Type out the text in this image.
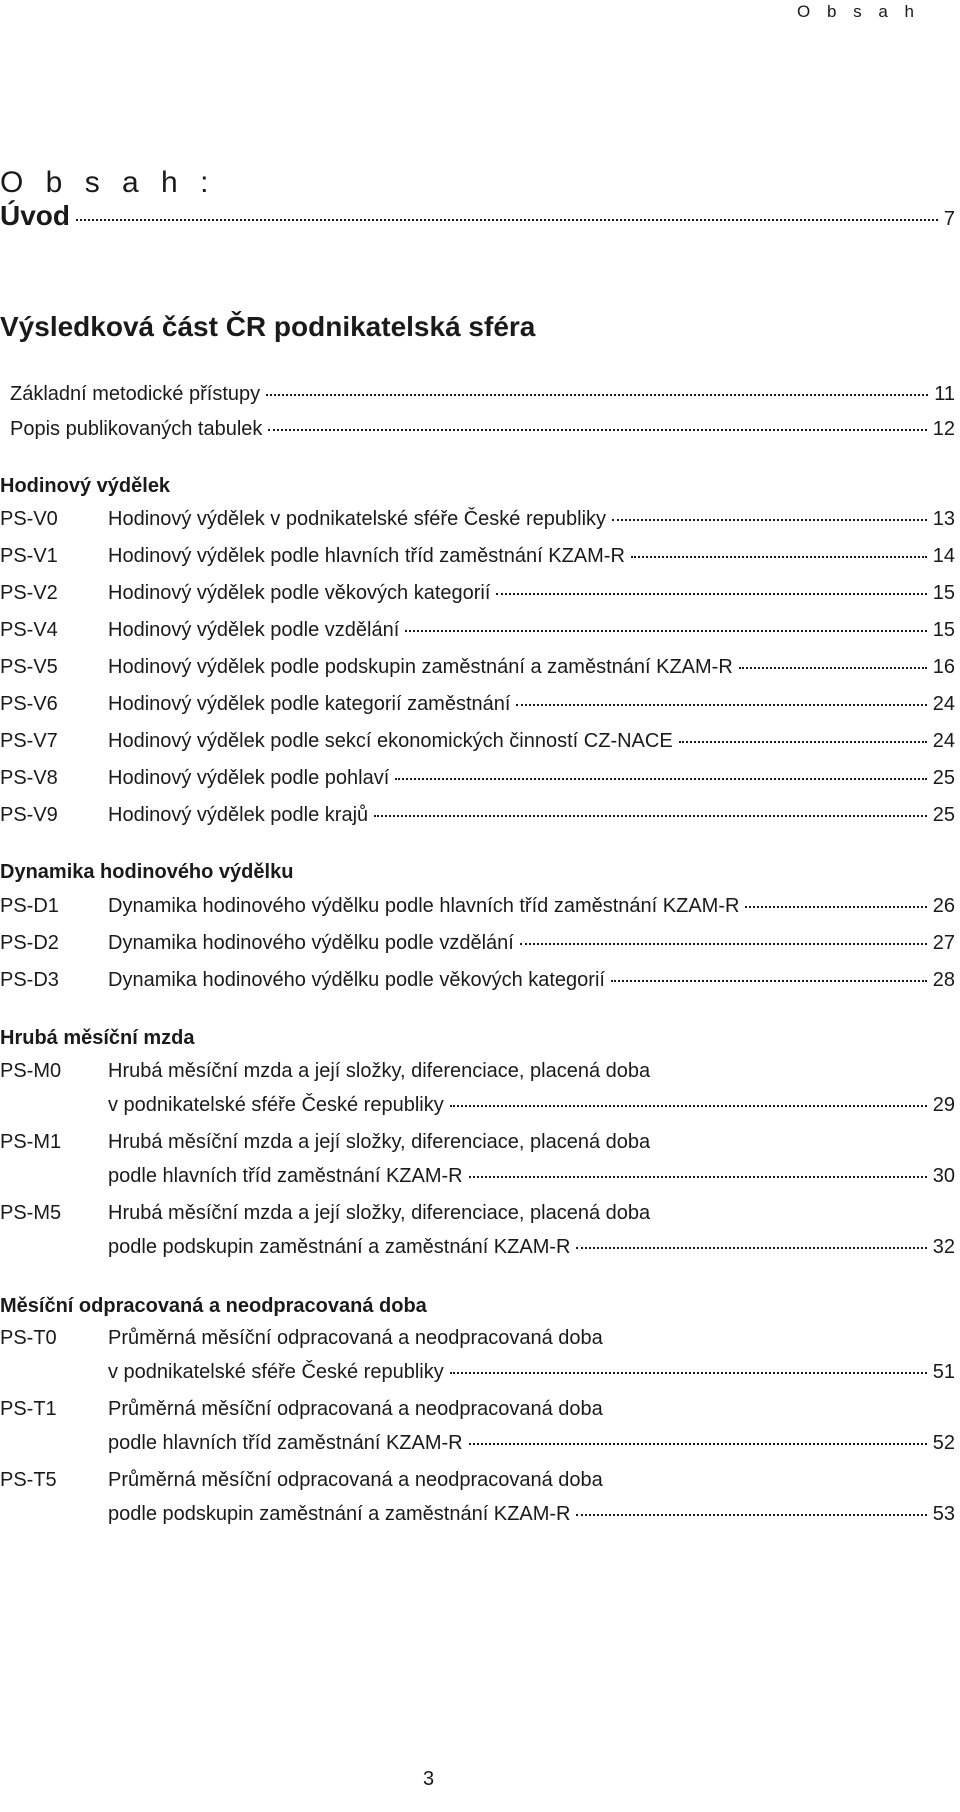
O b s a h
O b s a h :
Úvod	7
Výsledková část ČR podnikatelská sféra
Základní metodické přístupy	11
Popis publikovaných tabulek	12
Hodinový výdělek
PS-V0	Hodinový výdělek v podnikatelské sféře České republiky	13
PS-V1	Hodinový výdělek podle hlavních tříd zaměstnání KZAM-R	14
PS-V2	Hodinový výdělek podle věkových kategorií	15
PS-V4	Hodinový výdělek podle vzdělání	15
PS-V5	Hodinový výdělek podle podskupin zaměstnání a zaměstnání KZAM-R	16
PS-V6	Hodinový výdělek podle kategorií zaměstnání	24
PS-V7	Hodinový výdělek podle sekcí ekonomických činností CZ-NACE	24
PS-V8	Hodinový výdělek podle pohlaví	25
PS-V9	Hodinový výdělek podle krajů	25
Dynamika hodinového výdělku
PS-D1	Dynamika hodinového výdělku podle hlavních tříd zaměstnání KZAM-R	26
PS-D2	Dynamika hodinového výdělku podle vzdělání	27
PS-D3	Dynamika hodinového výdělku podle věkových kategorií	28
Hrubá měsíční mzda
PS-M0	Hrubá měsíční mzda a její složky, diferenciace, placená doba
v podnikatelské sféře České republiky	29
PS-M1	Hrubá měsíční mzda a její složky, diferenciace, placená doba
podle hlavních tříd zaměstnání KZAM-R	30
PS-M5	Hrubá měsíční mzda a její složky, diferenciace, placená doba
podle podskupin zaměstnání a zaměstnání KZAM-R	32
Měsíční odpracovaná a neodpracovaná doba
PS-T0	Průměrná měsíční odpracovaná a neodpracovaná doba
v podnikatelské sféře České republiky	51
PS-T1	Průměrná měsíční odpracovaná a neodpracovaná doba
podle hlavních tříd zaměstnání KZAM-R	52
PS-T5	Průměrná měsíční odpracovaná a neodpracovaná doba
podle podskupin zaměstnání a zaměstnání KZAM-R	53
3
